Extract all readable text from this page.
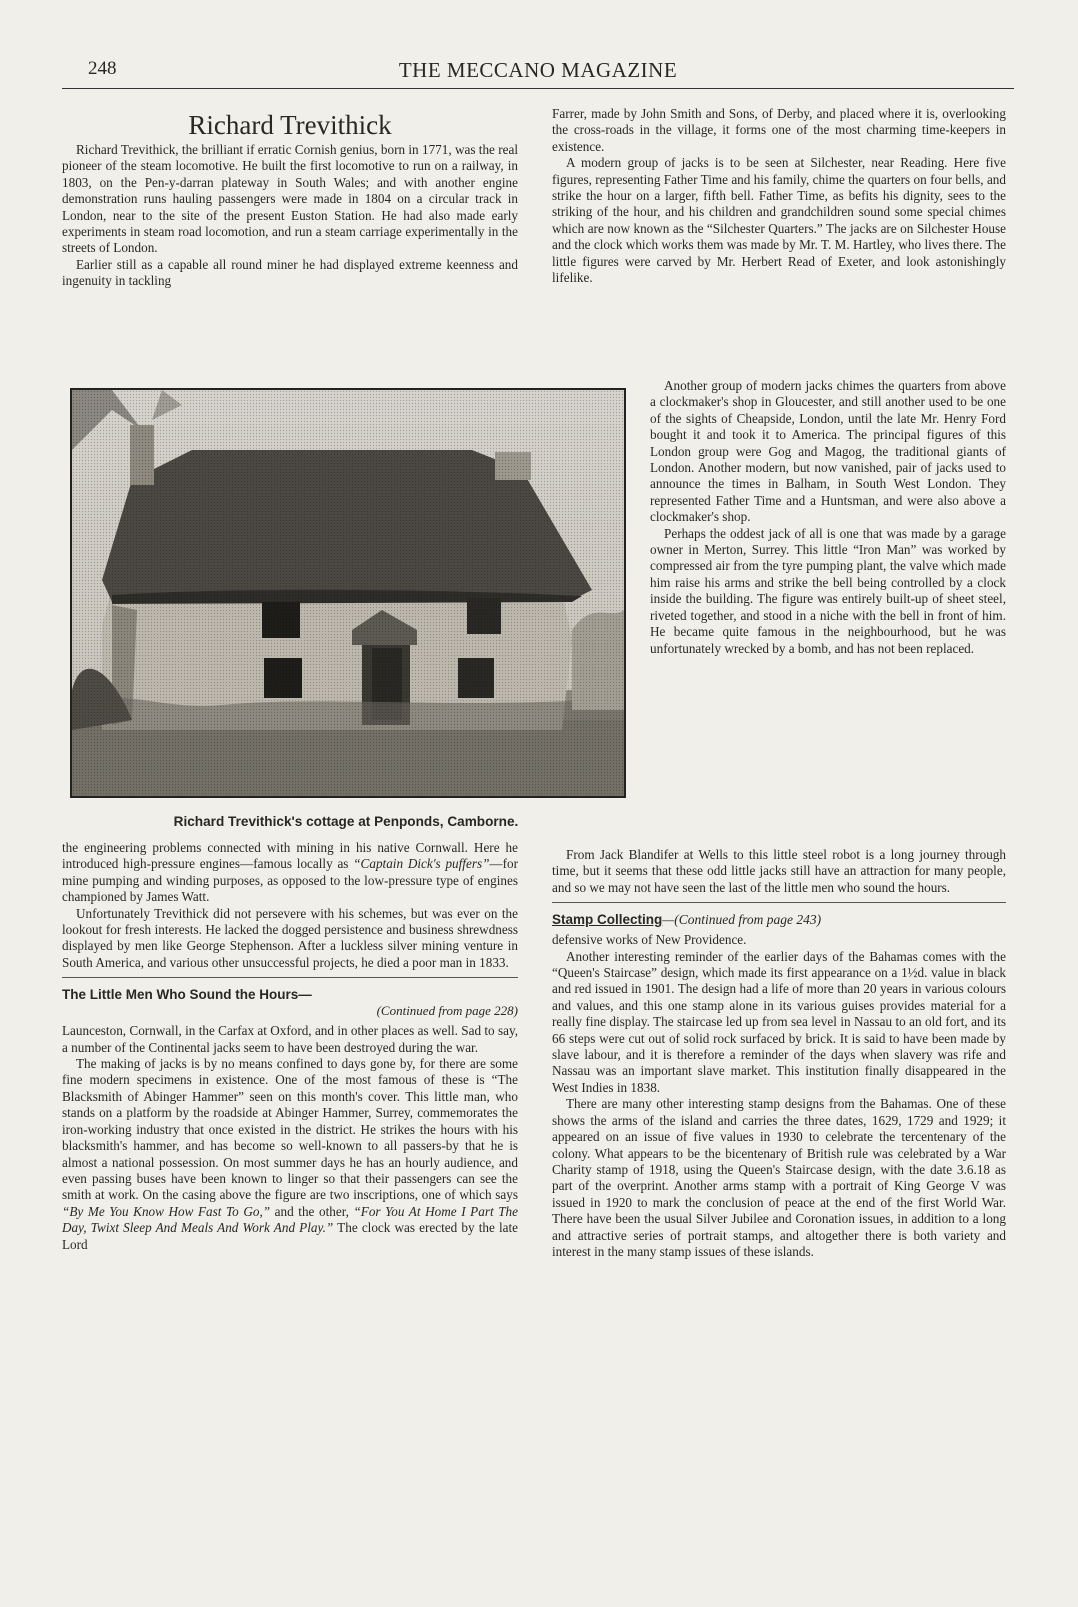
248	THE MECCANO MAGAZINE
Richard Trevithick

Richard Trevithick, the brilliant if erratic Cornish genius, born in 1771, was the real pioneer of the steam locomotive. He built the first locomotive to run on a railway, in 1803, on the Pen-y-darran plateway in South Wales; and with another engine demonstration runs hauling passengers were made in 1804 on a circular track in London, near to the site of the present Euston Station. He had also made early experiments in steam road locomotion, and run a steam carriage experimentally in the streets of London.

Earlier still as a capable all round miner he had displayed extreme keenness and ingenuity in tackling

Richard Trevithick's cottage at Penponds, Camborne.

the engineering problems connected with mining in his native Cornwall. Here he introduced high-pressure engines—famous locally as “Captain Dick's puffers”—for mine pumping and winding purposes, as opposed to the low-pressure type of engines championed by James Watt.

Unfortunately Trevithick did not persevere with his schemes, but was ever on the lookout for fresh interests. He lacked the dogged persistence and business shrewdness displayed by men like George Stephenson. After a luckless silver mining venture in South America, and various other unsuccessful projects, he died a poor man in 1833.

The Little Men Who Sound the Hours—
(Continued from page 228)

Launceston, Cornwall, in the Carfax at Oxford, and in other places as well. Sad to say, a number of the Continental jacks seem to have been destroyed during the war.

The making of jacks is by no means confined to days gone by, for there are some fine modern specimens in existence. One of the most famous of these is “The Blacksmith of Abinger Hammer” seen on this month's cover. This little man, who stands on a platform by the roadside at Abinger Hammer, Surrey, commemorates the iron-working industry that once existed in the district. He strikes the hours with his blacksmith's hammer, and has become so well-known to all passers-by that he is almost a national possession. On most summer days he has an hourly audience, and even passing buses have been known to linger so that their passengers can see the smith at work. On the casing above the figure are two inscriptions, one of which says “By Me You Know How Fast To Go,” and the other, “For You At Home I Part The Day, Twixt Sleep And Meals And Work And Play.” The clock was erected by the late Lord

Farrer, made by John Smith and Sons, of Derby, and placed where it is, overlooking the cross-roads in the village, it forms one of the most charming time-keepers in existence.

A modern group of jacks is to be seen at Silchester, near Reading. Here five figures, representing Father Time and his family, chime the quarters on four bells, and strike the hour on a larger, fifth bell. Father Time, as befits his dignity, sees to the striking of the hour, and his children and grandchildren sound some special chimes which are now known as the “Silchester Quarters.” The jacks are on Silchester House and the clock which works them was made by Mr. T. M. Hartley, who lives there. The little figures were carved by Mr. Herbert Read of Exeter, and look astonishingly lifelike.

Another group of modern jacks chimes the quarters from above a clockmaker's shop in Gloucester, and still another used to be one of the sights of Cheapside, London, until the late Mr. Henry Ford bought it and took it to America. The principal figures of this London group were Gog and Magog, the traditional giants of London. Another modern, but now vanished, pair of jacks used to announce the times in Balham, in South West London. They represented Father Time and a Huntsman, and were also above a clockmaker's shop.

Perhaps the oddest jack of all is one that was made by a garage owner in Merton, Surrey. This little “Iron Man” was worked by compressed air from the tyre pumping plant, the valve which made him raise his arms and strike the bell being controlled by a clock inside the building. The figure was entirely built-up of sheet steel, riveted together, and stood in a niche with the bell in front of him. He became quite famous in the neighbourhood, but he was unfortunately wrecked by a bomb, and has not been replaced.

From Jack Blandifer at Wells to this little steel robot is a long journey through time, but it seems that these odd little jacks still have an attraction for many people, and so we may not have seen the last of the little men who sound the hours.

Stamp Collecting—(Continued from page 243)

defensive works of New Providence.

Another interesting reminder of the earlier days of the Bahamas comes with the “Queen's Staircase” design, which made its first appearance on a 1½d. value in black and red issued in 1901. The design had a life of more than 20 years in various colours and values, and this one stamp alone in its various guises provides material for a really fine display. The staircase led up from sea level in Nassau to an old fort, and its 66 steps were cut out of solid rock surfaced by brick. It is said to have been made by slave labour, and it is therefore a reminder of the days when slavery was rife and Nassau was an important slave market. This institution finally disappeared in the West Indies in 1838.

There are many other interesting stamp designs from the Bahamas. One of these shows the arms of the island and carries the three dates, 1629, 1729 and 1929; it appeared on an issue of five values in 1930 to celebrate the tercentenary of the colony. What appears to be the bicentenary of British rule was celebrated by a War Charity stamp of 1918, using the Queen's Staircase design, with the date 3.6.18 as part of the overprint. Another arms stamp with a portrait of King George V was issued in 1920 to mark the conclusion of peace at the end of the first World War. There have been the usual Silver Jubilee and Coronation issues, in addition to a long and attractive series of portrait stamps, and altogether there is both variety and interest in the many stamp issues of these islands.
